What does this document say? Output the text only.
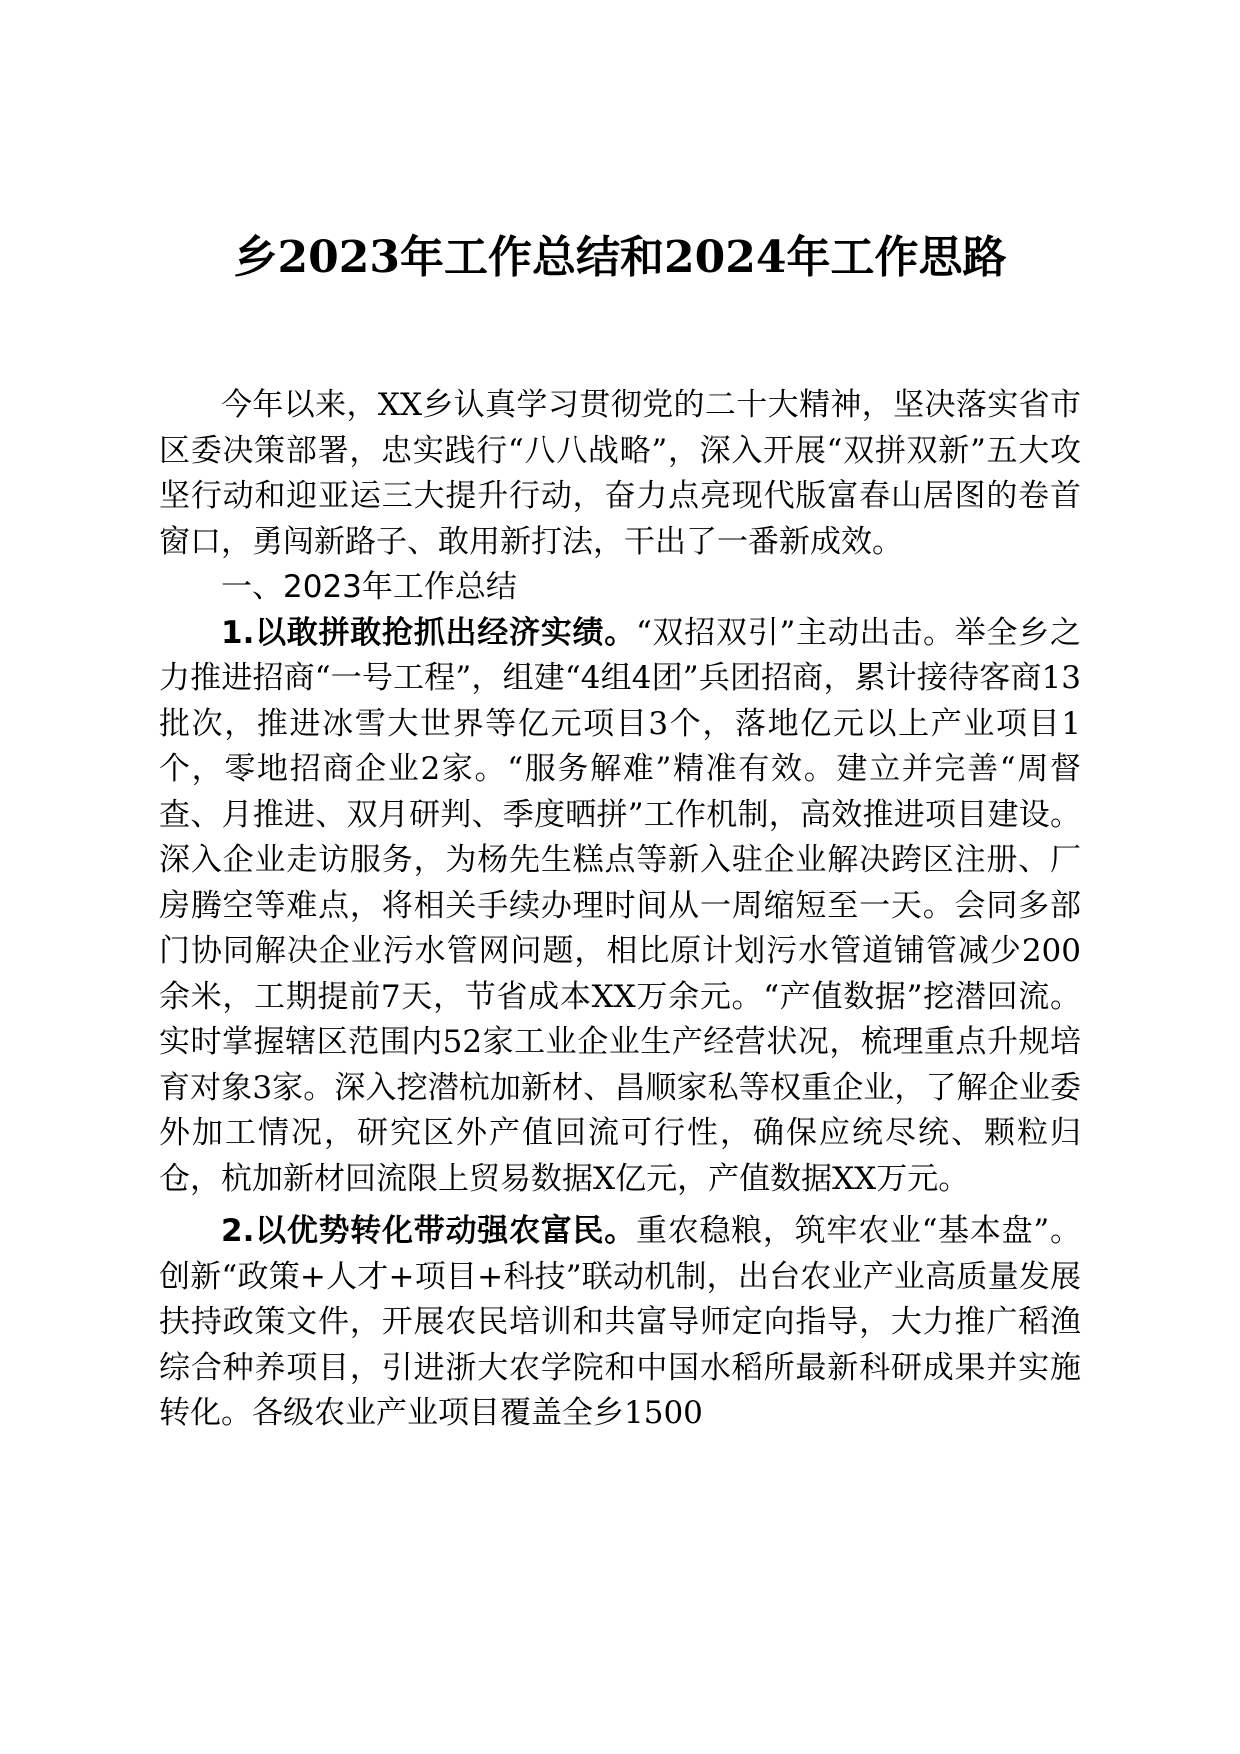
乡2023年工作总结和2024年工作思路

今年以来，XX乡认真学习贯彻党的二十大精神，坚决落实省市区委决策部署，忠实践行“八八战略”，深入开展“双拼双新”五大攻坚行动和迎亚运三大提升行动，奋力点亮现代版富春山居图的卷首窗口，勇闯新路子、敢用新打法，干出了一番新成效。

一、2023年工作总结

1.以敢拼敢抢抓出经济实绩。“双招双引”主动出击。举全乡之力推进招商“一号工程”，组建“4组4团”兵团招商，累计接待客商13批次，推进冰雪大世界等亿元项目3个，落地亿元以上产业项目1个，零地招商企业2家。“服务解难”精准有效。建立并完善“周督查、月推进、双月研判、季度晒拼”工作机制，高效推进项目建设。深入企业走访服务，为杨先生糕点等新入驻企业解决跨区注册、厂房腾空等难点，将相关手续办理时间从一周缩短至一天。会同多部门协同解决企业污水管网问题，相比原计划污水管道铺管减少200余米，工期提前7天，节省成本XX万余元。“产值数据”挖潜回流。实时掌握辖区范围内52家工业企业生产经营状况，梳理重点升规培育对象3家。深入挖潜杭加新材、昌顺家私等权重企业，了解企业委外加工情况，研究区外产值回流可行性，确保应统尽统、颗粒归仓，杭加新材回流限上贸易数据X亿元，产值数据XX万元。

2.以优势转化带动强农富民。重农稳粮，筑牢农业“基本盘”。创新“政策+人才+项目+科技”联动机制，出台农业产业高质量发展扶持政策文件，开展农民培训和共富导师定向指导，大力推广稻渔综合种养项目，引进浙大农学院和中国水稻所最新科研成果并实施转化。各级农业产业项目覆盖全乡1500
